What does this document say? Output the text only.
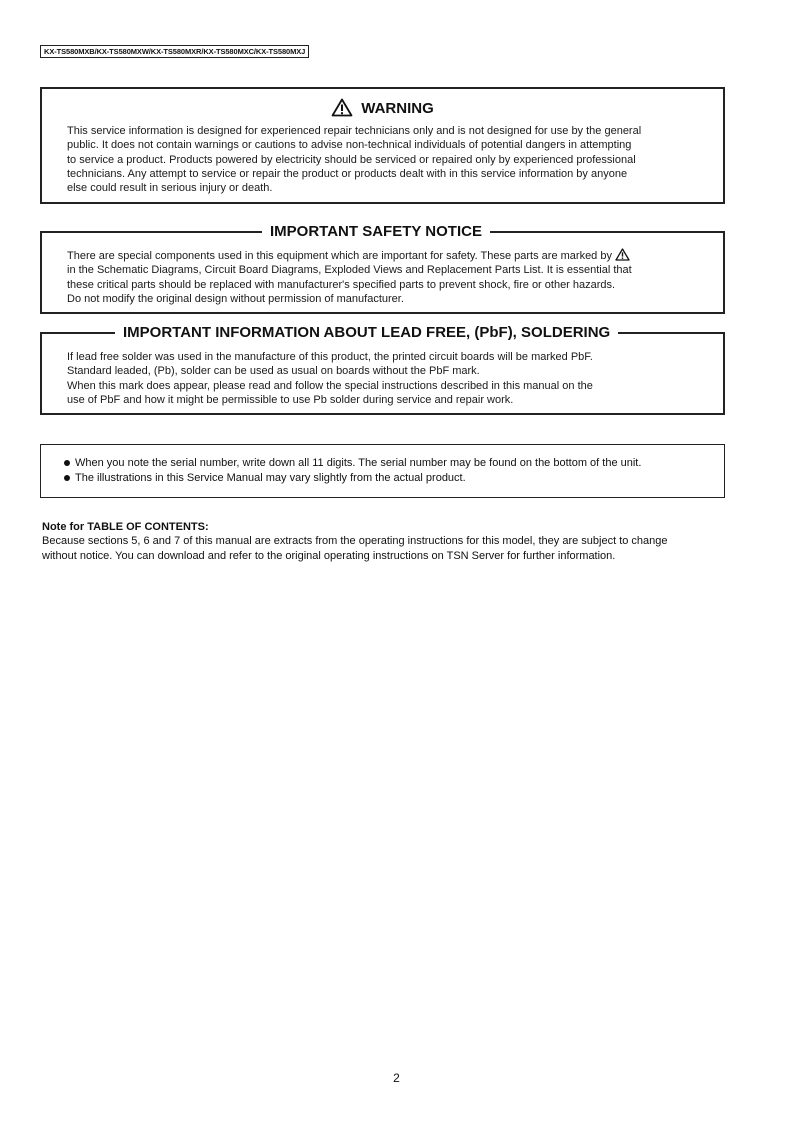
KX-TS580MXB/KX-TS580MXW/KX-TS580MXR/KX-TS580MXC/KX-TS580MXJ
WARNING

This service information is designed for experienced repair technicians only and is not designed for use by the general

public. It does not contain warnings or cautions to advise non-technical individuals of potential dangers in attempting

to service a product. Products powered by electricity should be serviced or repaired only by experienced professional

technicians. Any attempt to service or repair the product or products dealt with in this service information by anyone

else could result in serious injury or death.

IMPORTANT SAFETY NOTICE

There are special components used in this equipment which are important for safety. These parts are marked by

in the Schematic Diagrams, Circuit Board Diagrams, Exploded Views and Replacement Parts List. It is essential that

these critical parts should be replaced with manufacturer's specified parts to prevent shock, fire or other hazards.

Do not modify the original design without permission of manufacturer.

IMPORTANT INFORMATION ABOUT LEAD FREE, (PbF), SOLDERING

If lead free solder was used in the manufacture of this product, the printed circuit boards will be marked PbF.

Standard leaded, (Pb), solder can be used as usual on boards without the PbF mark.

When this mark does appear, please read and follow the special instructions described in this manual on the

use of PbF and how it might be permissible to use Pb solder during service and repair work.

When you note the serial number, write down all 11 digits. The serial number may be found on the bottom of the unit.
The illustrations in this Service Manual may vary slightly from the actual product.

Note for TABLE OF CONTENTS:

Because sections 5, 6 and 7 of this manual are extracts from the operating instructions for this model, they are subject to change

without notice. You can download and refer to the original operating instructions on TSN Server for further information.

2
